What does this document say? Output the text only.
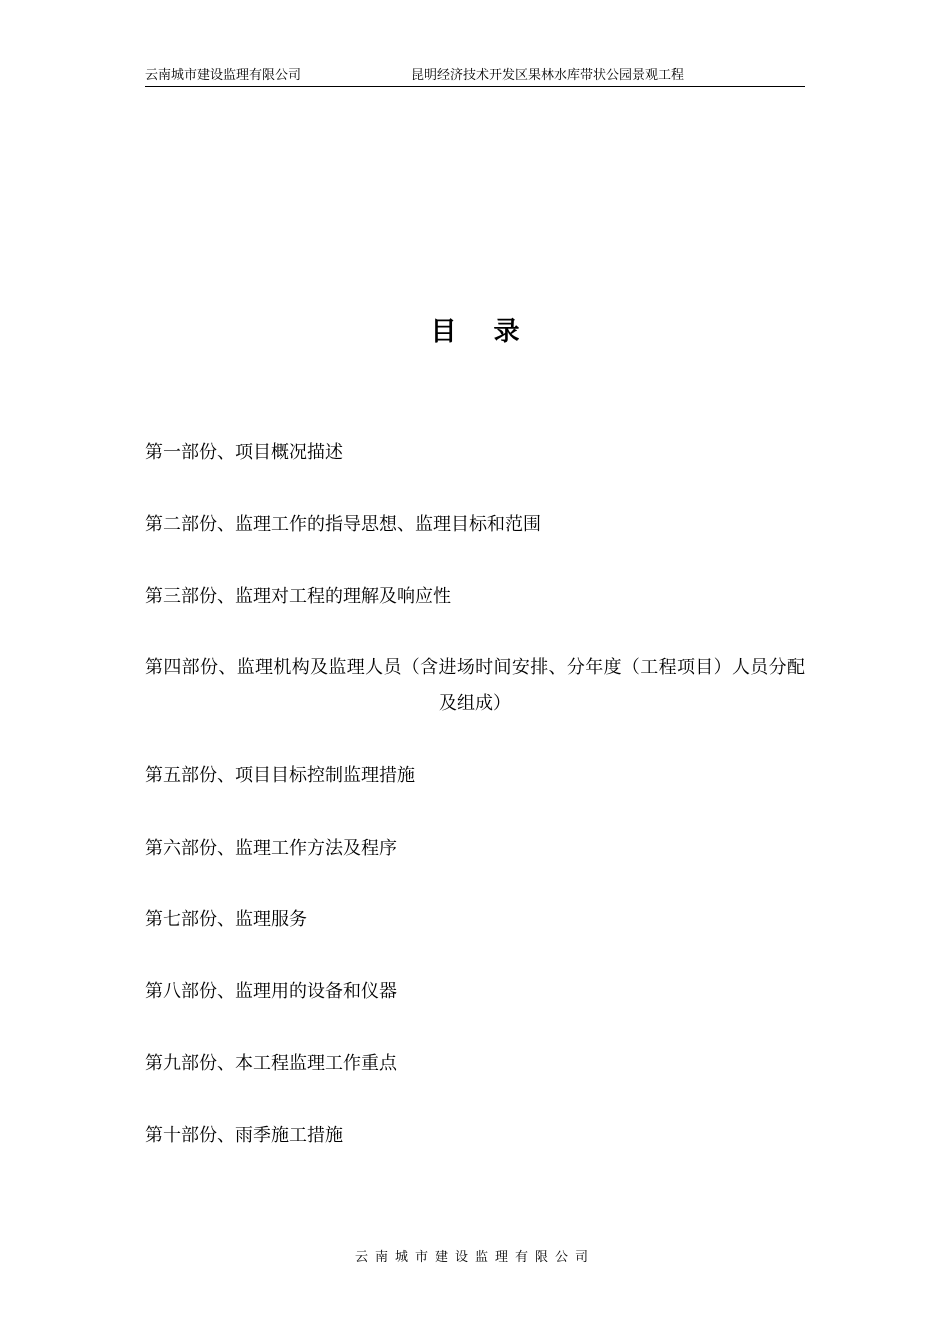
云南城市建设监理有限公司	昆明经济技术开发区果林水库带状公园景观工程
目 录
第一部份、项目概况描述
第二部份、监理工作的指导思想、监理目标和范围
第三部份、监理对工程的理解及响应性
第四部份、监理机构及监理人员（含进场时间安排、分年度（工程项目）人员分配及组成）
第五部份、项目目标控制监理措施
第六部份、监理工作方法及程序
第七部份、监理服务
第八部份、监理用的设备和仪器
第九部份、本工程监理工作重点
第十部份、雨季施工措施
云南城市建设监理有限公司
